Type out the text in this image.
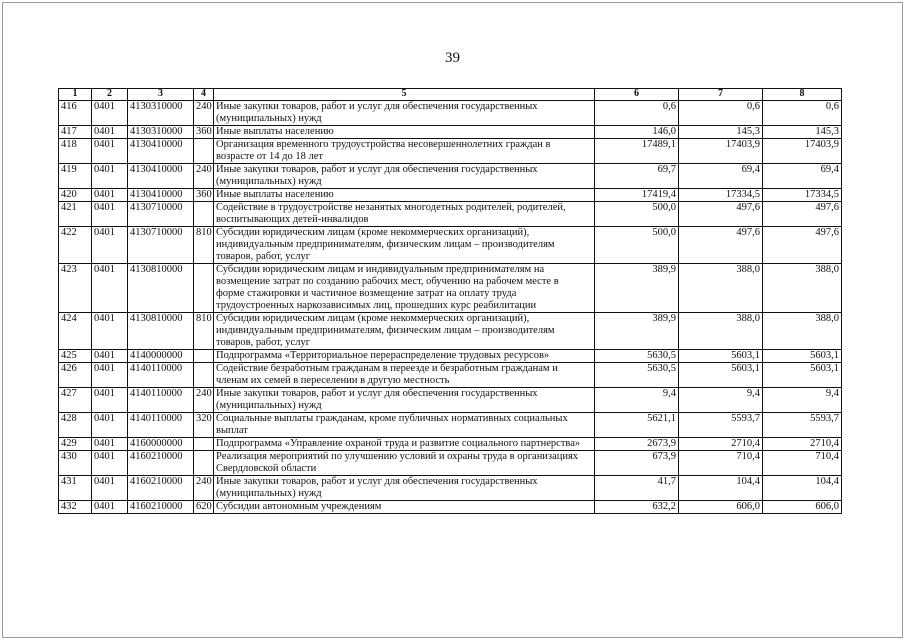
39
1	2	3	4	5	6	7	8
416	0401	4130310000	240	Иные закупки товаров, работ и услуг для обеспечения государственных
(муниципальных) нужд	0,6	0,6	0,6
417	0401	4130310000	360	Иные выплаты населению	146,0	145,3	145,3
418	0401	4130410000		Организация временного трудоустройства несовершеннолетних граждан в
возрасте от 14 до 18 лет	17489,1	17403,9	17403,9
419	0401	4130410000	240	Иные закупки товаров, работ и услуг для обеспечения государственных
(муниципальных) нужд	69,7	69,4	69,4
420	0401	4130410000	360	Иные выплаты населению	17419,4	17334,5	17334,5
421	0401	4130710000		Содействие в трудоустройстве незанятых многодетных родителей, родителей,
воспитывающих детей-инвалидов	500,0	497,6	497,6
422	0401	4130710000	810	Субсидии юридическим лицам (кроме некоммерческих организаций),
индивидуальным предпринимателям, физическим лицам – производителям
товаров, работ, услуг	500,0	497,6	497,6
423	0401	4130810000		Субсидии юридическим лицам и индивидуальным предпринимателям на
возмещение затрат по созданию рабочих мест, обучению на рабочем месте в
форме стажировки и частичное возмещение затрат на оплату труда
трудоустроенных наркозависимых лиц, прошедших курс реабилитации	389,9	388,0	388,0
424	0401	4130810000	810	Субсидии юридическим лицам (кроме некоммерческих организаций),
индивидуальным предпринимателям, физическим лицам – производителям
товаров, работ, услуг	389,9	388,0	388,0
425	0401	4140000000		Подпрограмма «Территориальное перераспределение трудовых ресурсов»	5630,5	5603,1	5603,1
426	0401	4140110000		Содействие безработным гражданам в переезде и безработным гражданам и
членам их семей в переселении в другую местность	5630,5	5603,1	5603,1
427	0401	4140110000	240	Иные закупки товаров, работ и услуг для обеспечения государственных
(муниципальных) нужд	9,4	9,4	9,4
428	0401	4140110000	320	Социальные выплаты гражданам, кроме публичных нормативных социальных
выплат	5621,1	5593,7	5593,7
429	0401	4160000000		Подпрограмма «Управление охраной труда и развитие социального партнерства»	2673,9	2710,4	2710,4
430	0401	4160210000		Реализация мероприятий по улучшению условий и охраны труда в организациях
Свердловской области	673,9	710,4	710,4
431	0401	4160210000	240	Иные закупки товаров, работ и услуг для обеспечения государственных
(муниципальных) нужд	41,7	104,4	104,4
432	0401	4160210000	620	Субсидии автономным учреждениям	632,2	606,0	606,0
